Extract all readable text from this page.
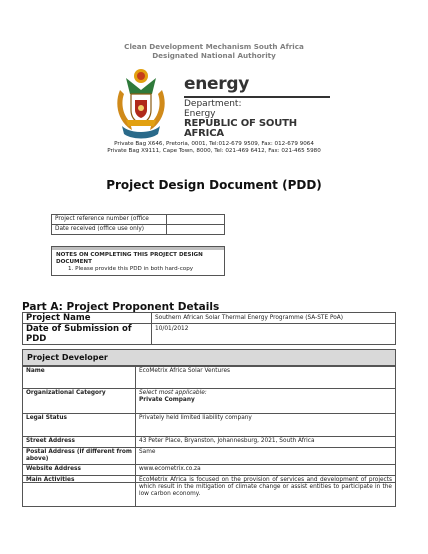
Clean Development Mechanism South Africa
Designated National Authority
energy
Department:
Energy
REPUBLIC OF SOUTH AFRICA
Private Bag X646, Pretoria, 0001, Tel:012-679 9509, Fax: 012-679 9064
Private Bag X9111, Cape Town, 8000, Tel: 021-469 6412, Fax: 021-465 5980
Project Design Document (PDD)
Project reference number (office	
Date received (office use only)	
NOTES ON COMPLETING THIS PROJECT DESIGN DOCUMENT
1. Please provide this PDD in both hard-copy
Part A: Project Proponent Details
Project Name	Southern African Solar Thermal Energy Programme (SA-STE PoA)
Date of Submission of PDD	10/01/2012
Project Developer
Name	EcoMetrix Africa Solar Ventures
Organizational Category	Select most applicable:
Private Company

Legal Status	Privately held limited liability company
Street Address	43 Peter Place, Bryanston, Johannesburg, 2021, South Africa
Postal Address (if different from above)	Same
Website Address	www.ecometrix.co.za
Main Activities	EcoMetrix Africa is focused on the provision of services and development of projects which result in the mitigation of climate change or assist entities to participate in the low carbon economy.
